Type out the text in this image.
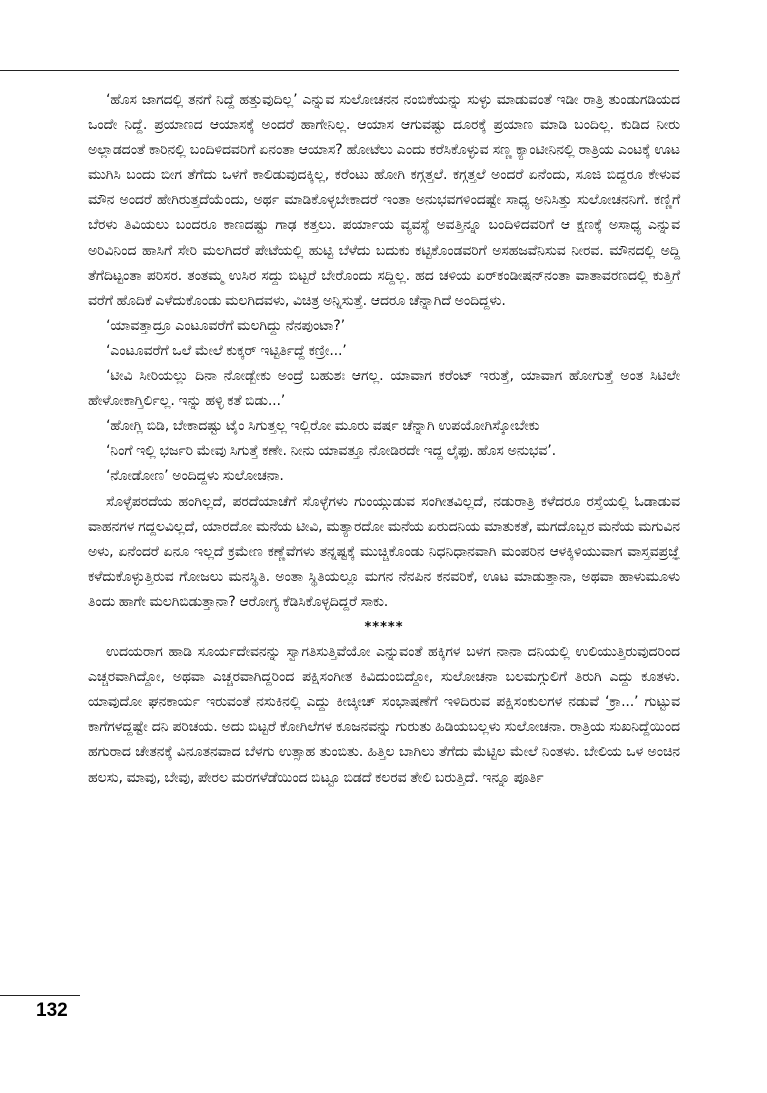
‘ಹೊಸ ಜಾಗದಲ್ಲಿ ತನಗೆ ನಿದ್ದೆ ಹತ್ತುವುದಿಲ್ಲ’ ಎನ್ನುವ ಸುಲೋಚನನ ನಂಬಿಕೆಯನ್ನು ಸುಳ್ಳು ಮಾಡುವಂತೆ ಇಡೀ ರಾತ್ರಿ ತುಂಡುಗಡಿಯದ ಒಂದೇ ನಿದ್ದೆ. ಪ್ರಯಾಣದ ಆಯಾಸಕ್ಕೆ ಅಂದರೆ ಹಾಗೇನಿಲ್ಲ. ಆಯಾಸ ಆಗುವಷ್ಟು ದೂರಕ್ಕೆ ಪ್ರಯಾಣ ಮಾಡಿ ಬಂದಿಲ್ಲ. ಕುಡಿದ ನೀರು ಅಲ್ಲಾಡದಂತೆ ಕಾರಿನಲ್ಲಿ ಬಂದಿಳಿದವರಿಗೆ ಏನಂತಾ ಆಯಾಸ? ಹೋಟೆಲು ಎಂದು ಕರೆಸಿಕೊಳ್ಳುವ ಸಣ್ಣ ಕ್ಯಾಂಟೀನಿನಲ್ಲಿ ರಾತ್ರಿಯ ಎಂಟಕ್ಕೆ ಊಟ ಮುಗಿಸಿ ಬಂದು ಬೀಗ ತೆಗೆದು ಒಳಗೆ ಕಾಲಿಡುವುದಕ್ಕಿಲ್ಲ, ಕರೆಂಟು ಹೋಗಿ ಕಗ್ಗತ್ತಲೆ. ಕಗ್ಗತ್ತಲೆ ಅಂದರೆ ಏನೆಂದು, ಸೂಜಿ ಬಿದ್ದರೂ ಕೇಳುವ ಮೌನ ಅಂದರೆ ಹೇಗಿರುತ್ತದೆಯೆಂದು, ಅರ್ಥ ಮಾಡಿಕೊಳ್ಳಬೇಕಾದರೆ ಇಂತಾ ಅನುಭವಗಳಿಂದಷ್ಟೇ ಸಾಧ್ಯ ಅನಿಸಿತ್ತು ಸುಲೋಚನನಿಗೆ. ಕಣ್ಣಿಗೆ ಬೆರಳು ತಿವಿಯಲು ಬಂದರೂ ಕಾಣದಷ್ಟು ಗಾಢ ಕತ್ತಲು. ಪರ್ಯಾಯ ವ್ಯವಸ್ಥೆ ಅವತ್ತಿನ್ನೂ ಬಂದಿಳಿದವರಿಗೆ ಆ ಕ್ಷಣಕ್ಕೆ ಅಸಾಧ್ಯ ಎನ್ನುವ ಅರಿವಿನಿಂದ ಹಾಸಿಗೆ ಸೇರಿ ಮಲಗಿದರೆ ಪೇಟೆಯಲ್ಲಿ ಹುಟ್ಟಿ ಬೆಳೆದು ಬದುಕು ಕಟ್ಟಿಕೊಂಡವರಿಗೆ ಅಸಹಜವೆನಿಸುವ ನೀರವ. ಮೌನದಲ್ಲಿ ಅದ್ದಿ ತೆಗೆದಿಟ್ಟಂತಾ ಪರಿಸರ. ತಂತಮ್ಮ ಉಸಿರ ಸದ್ದು ಬಿಟ್ಟರೆ ಬೇರೊಂದು ಸದ್ದಿಲ್ಲ. ಹದ ಚಳಿಯ ಏರ್‌ಕಂಡೀಷನ್‌ನಂತಾ ವಾತಾವರಣದಲ್ಲಿ ಕುತ್ತಿಗೆ ವರೆಗೆ ಹೊದಿಕೆ ಎಳೆದುಕೊಂಡು ಮಲಗಿದವಳು, ವಿಚಿತ್ರ ಅನ್ನಿಸುತ್ತೆ. ಆದರೂ ಚೆನ್ನಾಗಿದೆ ಅಂದಿದ್ದಳು.

‘ಯಾವತ್ತಾದ್ರೂ ಎಂಟೂವರೆಗೆ ಮಲಗಿದ್ದು ನೆನಪುಂಟಾ?’

‘ಎಂಟೂವರೆಗೆ ಒಲೆ ಮೇಲೆ ಕುಕ್ಕರ್ ಇಟ್ಟಿರ್ತಿದ್ದೆ ಕಣ್ರೀ...’

‘ಟೀವಿ ಸೀರಿಯಲ್ಲು ದಿನಾ ನೋಡ್ಬೇಕು ಅಂದ್ರೆ ಬಹುಶಃ ಆಗಲ್ಲ. ಯಾವಾಗ ಕರೆಂಟ್ ಇರುತ್ತೆ, ಯಾವಾಗ ಹೋಗುತ್ತೆ ಅಂತ ಸಿಟಿಲೇ ಹೇಳೋಕಾಗ್ತಿರ್ಲಿಲ್ಲ. ಇನ್ನು ಹಳ್ಳಿ ಕತೆ ಬಿಡು...’

‘ಹೋಗ್ಲಿ ಬಿಡಿ, ಬೇಕಾದಷ್ಟು ಟೈಂ ಸಿಗುತ್ತಲ್ಲ ಇಲ್ಲಿರೋ ಮೂರು ವರ್ಷ ಚೆನ್ನಾಗಿ ಉಪಯೋಗಿಸ್ಕೋಬೇಕು

‘ನಿಂಗೆ ಇಲ್ಲಿ ಭರ್ಜರಿ ಮೇವು ಸಿಗುತ್ತೆ ಕಣೇ. ನೀನು ಯಾವತ್ತೂ ನೋಡಿರದೇ ಇದ್ದ ಲೈಫು. ಹೊಸ ಅನುಭವ’.

‘ನೋಡೋಣ’ ಅಂದಿದ್ದಳು ಸುಲೋಚನಾ.

ಸೊಳ್ಳೆಪರದೆಯ ಹಂಗಿಲ್ಲದೆ, ಪರದೆಯಾಚೆಗೆ ಸೊಳ್ಳೆಗಳು ಗುಂಯ್ಗುಡುವ ಸಂಗೀತವಿಲ್ಲದೆ, ನಡುರಾತ್ರಿ ಕಳೆದರೂ ರಸ್ತೆಯಲ್ಲಿ ಓಡಾಡುವ ವಾಹನಗಳ ಗದ್ದಲವಿಲ್ಲದೆ, ಯಾರದೋ ಮನೆಯ ಟೀವಿ, ಮತ್ಯಾರದೋ ಮನೆಯ ಏರುದನಿಯ ಮಾತುಕತೆ, ಮಗದೊಬ್ಬರ ಮನೆಯ ಮಗುವಿನ ಅಳು, ಏನೆಂದರೆ ಏನೂ ಇಲ್ಲದೆ ಕ್ರಮೇಣ ಕಣ್ಣೆವೆಗಳು ತನ್ನಷ್ಟಕ್ಕೆ ಮುಚ್ಚಿಕೊಂಡು ನಿಧನಿಧಾನವಾಗಿ ಮಂಪರಿನ ಆಳಕ್ಕಿಳಿಯುವಾಗ ವಾಸ್ತವಪ್ರಜ್ಞೆ ಕಳೆದುಕೊಳ್ಳುತ್ತಿರುವ ಗೋಜಲು ಮನಸ್ಥಿತಿ. ಅಂತಾ ಸ್ಥಿತಿಯಲ್ಲೂ ಮಗನ ನೆನಪಿನ ಕನವರಿಕೆ, ಊಟ ಮಾಡುತ್ತಾನಾ, ಅಥವಾ ಹಾಳುಮೂಳು ತಿಂದು ಹಾಗೇ ಮಲಗಿಬಿಡುತ್ತಾನಾ? ಆರೋಗ್ಯ ಕೆಡಿಸಿಕೊಳ್ಳದಿದ್ದರೆ ಸಾಕು.

*****

ಉದಯರಾಗ ಹಾಡಿ ಸೂರ್ಯದೇವನನ್ನು ಸ್ವಾಗತಿಸುತ್ತಿವೆಯೋ ಎನ್ನುವಂತೆ ಹಕ್ಕಿಗಳ ಬಳಗ ನಾನಾ ದನಿಯಲ್ಲಿ ಉಲಿಯುತ್ತಿರುವುದರಿಂದ ಎಚ್ಚರವಾಗಿದ್ದೋ, ಅಥವಾ ಎಚ್ಚರವಾಗಿದ್ದರಿಂದ ಪಕ್ಷಿಸಂಗೀತ ಕಿವಿದುಂಬಿದ್ದೋ, ಸುಲೋಚನಾ ಬಲಮಗ್ಗುಲಿಗೆ ತಿರುಗಿ ಎದ್ದು ಕೂತಳು. ಯಾವುದೋ ಘನಕಾರ್ಯ ಇರುವಂತೆ ನಸುಕಿನಲ್ಲಿ ಎದ್ದು ಕೀಚ್ಕೀಚ್ ಸಂಭಾಷಣೆಗೆ ಇಳಿದಿರುವ ಪಕ್ಷಿಸಂಕುಲಗಳ ನಡುವೆ ‘ಕ್ರಾ...’ ಗುಟ್ಟುವ ಕಾಗೆಗಳದ್ದಷ್ಟೇ ದನಿ ಪರಿಚಯ. ಅದು ಬಿಟ್ಟರೆ ಕೋಗಿಲೆಗಳ ಕೂಜನವನ್ನು ಗುರುತು ಹಿಡಿಯಬಲ್ಲಳು ಸುಲೋಚನಾ. ರಾತ್ರಿಯ ಸುಖನಿದ್ದೆಯಿಂದ ಹಗುರಾದ ಚೇತನಕ್ಕೆ ವಿನೂತನವಾದ ಬೆಳಗು ಉತ್ಸಾಹ ತುಂಬಿತು. ಹಿತ್ತಿಲ ಬಾಗಿಲು ತೆಗೆದು ಮೆಟ್ಟಿಲ ಮೇಲೆ ನಿಂತಳು. ಬೇಲಿಯ ಒಳ ಅಂಚಿನ ಹಲಸು, ಮಾವು, ಬೇವು, ಪೇರಲ ಮರಗಳೆಡೆಯಿಂದ ಬಿಟ್ಟೂ ಬಿಡದೆ ಕಲರವ ತೇಲಿ ಬರುತ್ತಿದೆ. ಇನ್ನೂ ಪೂರ್ತಿ

132
